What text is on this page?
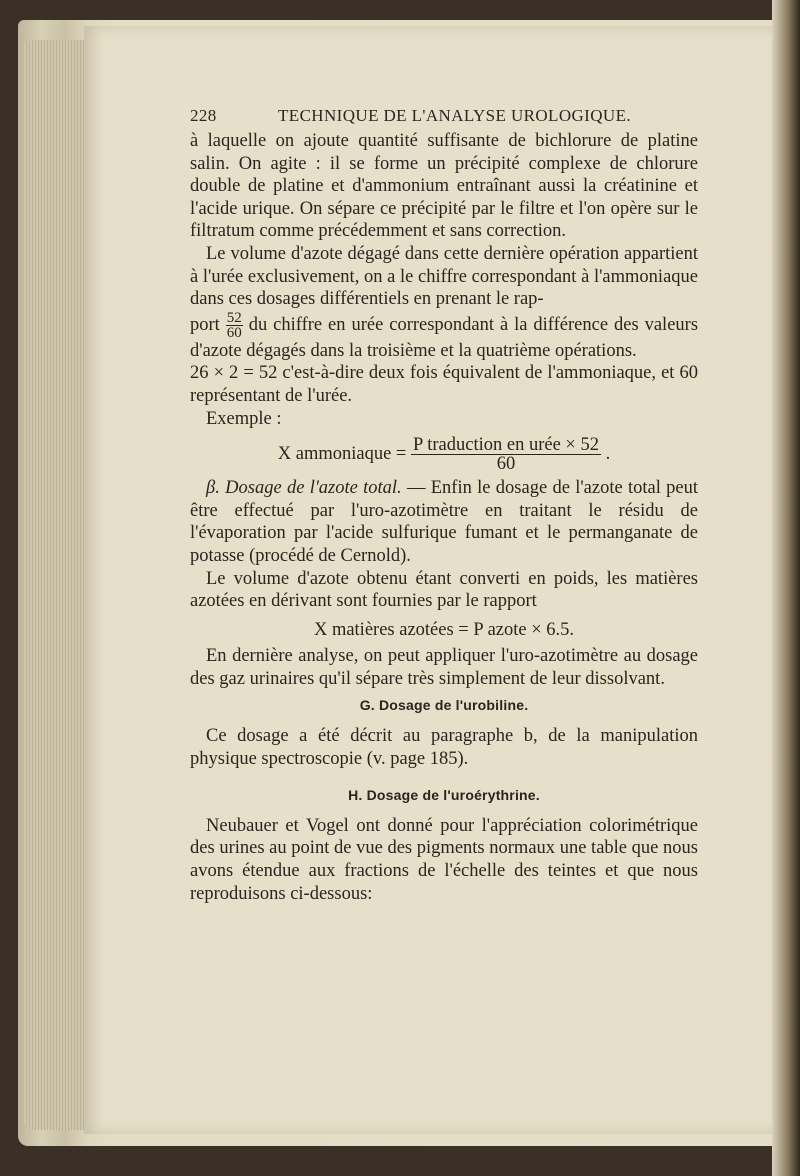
228	TECHNIQUE DE L'ANALYSE UROLOGIQUE.

à laquelle on ajoute quantité suffisante de bichlorure de platine salin. On agite : il se forme un précipité complexe de chlorure double de platine et d'ammonium entraînant aussi la créatinine et l'acide urique. On sépare ce précipité par le filtre et l'on opère sur le filtratum comme précédemment et sans correction.

Le volume d'azote dégagé dans cette dernière opération appartient à l'urée exclusivement, on a le chiffre correspondant à l'ammoniaque dans ces dosages différentiels en prenant le rap-

port $\frac{52}{60}$ du chiffre en urée correspondant à la différence des valeurs d'azote dégagés dans la troisième et la quatrième opérations.

26 × 2 = 52 c'est-à-dire deux fois équivalent de l'ammoniaque, et 60 représentant de l'urée.

Exemple :

X ammoniaque = $\frac{\text{P traduction en urée × 52}}{60}$ .

β. Dosage de l'azote total. — Enfin le dosage de l'azote total peut être effectué par l'uro-azotimètre en traitant le résidu de l'évaporation par l'acide sulfurique fumant et le permanganate de potasse (procédé de Cernold).

Le volume d'azote obtenu étant converti en poids, les matières azotées en dérivant sont fournies par le rapport

X matières azotées = P azote × 6.5.

En dernière analyse, on peut appliquer l'uro-azotimètre au dosage des gaz urinaires qu'il sépare très simplement de leur dissolvant.

G. Dosage de l'urobiline.

Ce dosage a été décrit au paragraphe b, de la manipulation physique spectroscopie (v. page 185).

H. Dosage de l'uroérythrine.

Neubauer et Vogel ont donné pour l'appréciation colorimétrique des urines au point de vue des pigments normaux une table que nous avons étendue aux fractions de l'échelle des teintes et que nous reproduisons ci-dessous:
